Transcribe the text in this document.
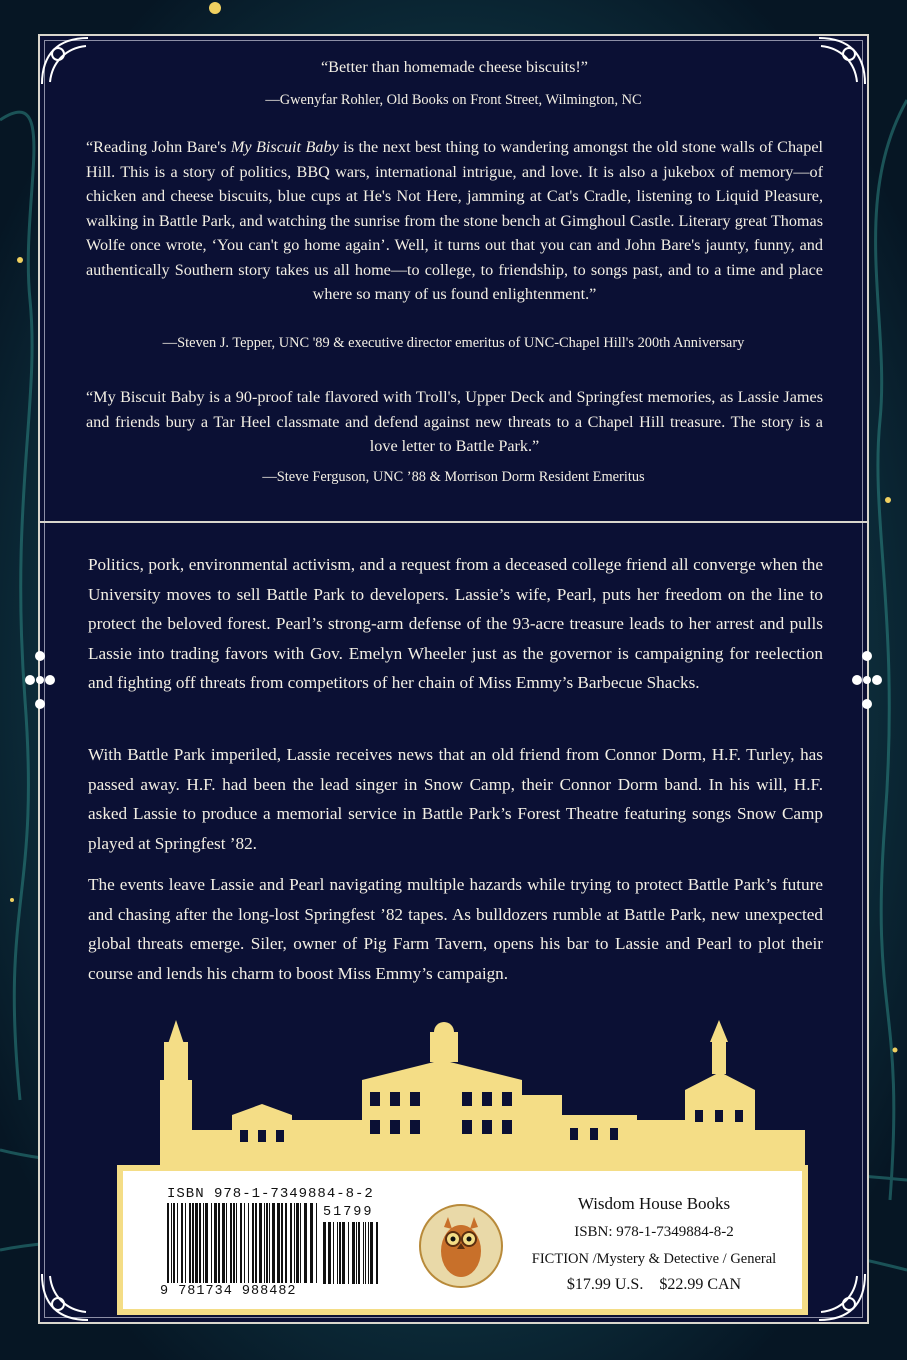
“Better than homemade cheese biscuits!”

—Gwenyfar Rohler, Old Books on Front Street, Wilmington, NC

“Reading John Bare's My Biscuit Baby is the next best thing to wandering amongst the old stone walls of Chapel Hill. This is a story of politics, BBQ wars, international intrigue, and love. It is also a jukebox of memory—of chicken and cheese biscuits, blue cups at He's Not Here, jamming at Cat's Cradle, listening to Liquid Pleasure, walking in Battle Park, and watching the sunrise from the stone bench at Gimghoul Castle. Literary great Thomas Wolfe once wrote, ‘You can't go home again’. Well, it turns out that you can and John Bare's jaunty, funny, and authentically Southern story takes us all home—to college, to friendship, to songs past, and to a time and place where so many of us found enlightenment.”

—Steven J. Tepper, UNC '89 & executive director emeritus of UNC-Chapel Hill's 200th Anniversary

“My Biscuit Baby is a 90-proof tale flavored with Troll's, Upper Deck and Springfest memories, as Lassie James and friends bury a Tar Heel classmate and defend against new threats to a Chapel Hill treasure. The story is a love letter to Battle Park.”

—Steve Ferguson, UNC ’88 & Morrison Dorm Resident Emeritus

Politics, pork, environmental activism, and a request from a deceased college friend all converge when the University moves to sell Battle Park to developers. Lassie’s wife, Pearl, puts her freedom on the line to protect the beloved forest. Pearl’s strong-arm defense of the 93-acre treasure leads to her arrest and pulls Lassie into trading favors with Gov. Emelyn Wheeler just as the governor is campaigning for reelection and fighting off threats from competitors of her chain of Miss Emmy’s Barbecue Shacks.

With Battle Park imperiled, Lassie receives news that an old friend from Connor Dorm, H.F. Turley, has passed away. H.F. had been the lead singer in Snow Camp, their Connor Dorm band. In his will, H.F. asked Lassie to produce a memorial service in Battle Park’s Forest Theatre featuring songs Snow Camp played at Springfest ’82.

The events leave Lassie and Pearl navigating multiple hazards while trying to protect Battle Park’s future and chasing after the long-lost Springfest ’82 tapes. As bulldozers rumble at Battle Park, new unexpected global threats emerge. Siler, owner of Pig Farm Tavern, opens his bar to Lassie and Pearl to plot their course and lends his charm to boost Miss Emmy’s campaign.

ISBN 978-1-7349884-8-2
51799
9 781734 988482

Wisdom House Books

ISBN: 978-1-7349884-8-2

FICTION /Mystery & Detective / General

$17.99 U.S. $22.99 CAN
